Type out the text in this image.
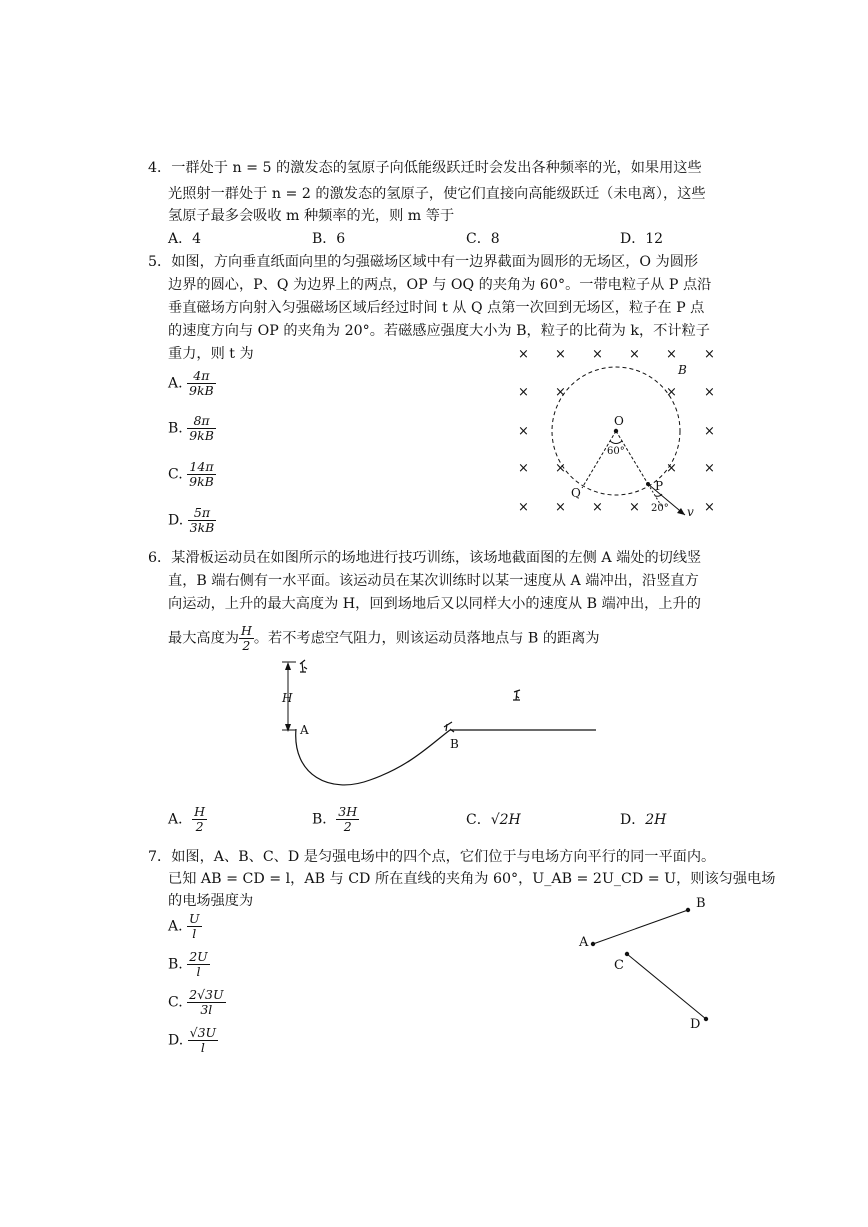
4．一群处于 n = 5 的激发态的氢原子向低能级跃迁时会发出各种频率的光，如果用这些
光照射一群处于 n = 2 的激发态的氢原子，使它们直接向高能级跃迁（未电离），这些
氢原子最多会吸收 m 种频率的光，则 m 等于
A．4	B．6	C．8	D．12
5．如图，方向垂直纸面向里的匀强磁场区域中有一边界截面为圆形的无场区，O 为圆形
边界的圆心，P、Q 为边界上的两点，OP 与 OQ 的夹角为 60°。一带电粒子从 P 点沿
垂直磁场方向射入匀强磁场区域后经过时间 t 从 Q 点第一次回到无场区，粒子在 P 点
的速度方向与 OP 的夹角为 20°。若磁感应强度大小为 B，粒子的比荷为 k，不计粒子
重力，则 t 为
A. $\frac{4\pi}{9kB}$
B. $\frac{8\pi}{9kB}$
C. $\frac{14\pi}{9kB}$
D. $\frac{5\pi}{3kB}$
× × × × × ×
× ×	× ×
×	×
× ×	× ×
× × × ×	×
B
O
60°
Q	P
20° v
6．某滑板运动员在如图所示的场地进行技巧训练，该场地截面图的左侧 A 端处的切线竖
直，B 端右侧有一水平面。该运动员在某次训练时以某一速度从 A 端冲出，沿竖直方
向运动，上升的最大高度为 H，回到场地后又以同样大小的速度从 B 端冲出，上升的
最大高度为 $\frac{H}{2}$ 。若不考虑空气阻力，则该运动员落地点与 B 的距离为
H
A
B
A． $\frac{H}{2}$	B． $\frac{3H}{2}$	C．√2H	D．2H
7．如图，A、B、C、D 是匀强电场中的四个点，它们位于与电场方向平行的同一平面内。
已知 AB = CD = l，AB 与 CD 所在直线的夹角为 60°，U_AB = 2U_CD = U，则该匀强电场
的电场强度为
A. $\frac{U}{l}$
B. $\frac{2U}{l}$
C. $\frac{2√3U}{3l}$
D. $\frac{√3U}{l}$
A
B
C
D
